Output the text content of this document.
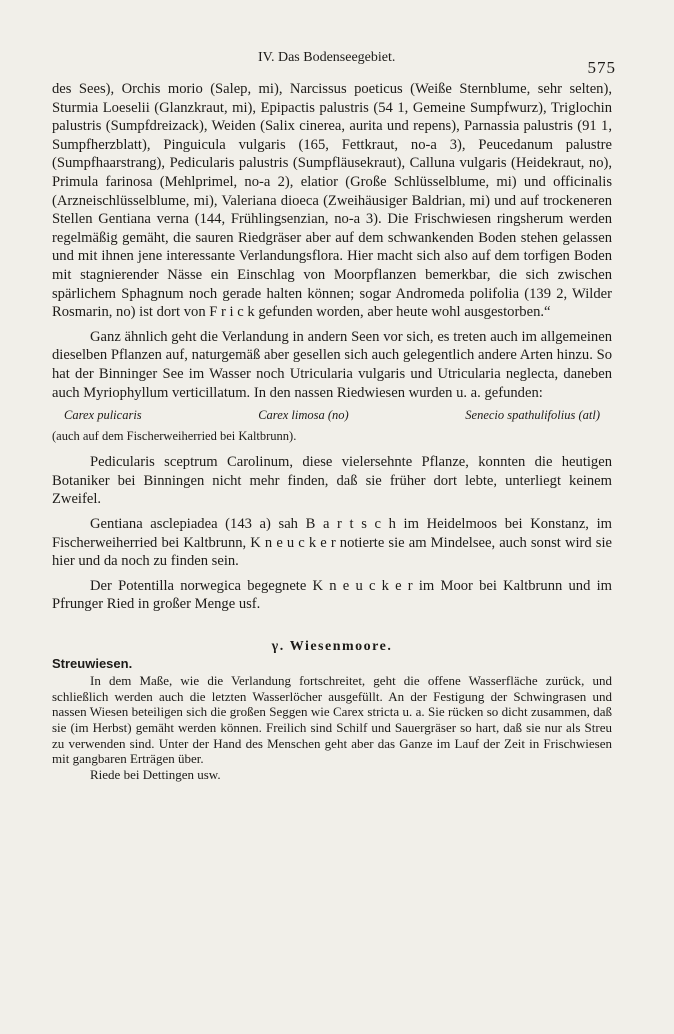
IV. Das Bodenseegebiet.
575

des Sees), Orchis morio (Salep, mi), Narcissus poeticus (Weiße Sternblume, sehr selten), Sturmia Loeselii (Glanzkraut, mi), Epipactis palustris (54 1, Gemeine Sumpfwurz), Triglochin palustris (Sumpfdreizack), Weiden (Salix cinerea, aurita und repens), Parnassia palustris (91 1, Sumpfherzblatt), Pinguicula vulgaris (165, Fettkraut, no-a 3), Peucedanum palustre (Sumpfhaarstrang), Pedicularis palustris (Sumpfläusekraut), Calluna vulgaris (Heidekraut, no), Primula farinosa (Mehlprimel, no-a 2), elatior (Große Schlüsselblume, mi) und officinalis (Arzneischlüsselblume, mi), Valeriana dioeca (Zweihäusiger Baldrian, mi) und auf trockeneren Stellen Gentiana verna (144, Frühlingsenzian, no-a 3). Die Frischwiesen ringsherum werden regelmäßig gemäht, die sauren Riedgräser aber auf dem schwankenden Boden stehen gelassen und mit ihnen jene interessante Verlandungsflora. Hier macht sich also auf dem torfigen Boden mit stagnierender Nässe ein Einschlag von Moorpflanzen bemerkbar, die sich zwischen spärlichem Sphagnum noch gerade halten können; sogar Andromeda polifolia (139 2, Wilder Rosmarin, no) ist dort von F r i c k gefunden worden, aber heute wohl ausgestorben.“

Ganz ähnlich geht die Verlandung in andern Seen vor sich, es treten auch im allgemeinen dieselben Pflanzen auf, naturgemäß aber gesellen sich auch gelegentlich andere Arten hinzu. So hat der Binninger See im Wasser noch Utricularia vulgaris und Utricularia neglecta, daneben auch Myriophyllum verticillatum. In den nassen Riedwiesen wurden u. a. gefunden:

Carex pulicaris	Carex limosa (no)	Senecio spathulifolius (atl)

(auch auf dem Fischerweiherried bei Kaltbrunn).

Pedicularis sceptrum Carolinum, diese vielersehnte Pflanze, konnten die heutigen Botaniker bei Binningen nicht mehr finden, daß sie früher dort lebte, unterliegt keinem Zweifel.

Gentiana asclepiadea (143 a) sah B a r t s c h im Heidelmoos bei Konstanz, im Fischerweiherried bei Kaltbrunn, K n e u c k e r notierte sie am Mindelsee, auch sonst wird sie hier und da noch zu finden sein.

Der Potentilla norwegica begegnete K n e u c k e r im Moor bei Kaltbrunn und im Pfrunger Ried in großer Menge usf.

γ. Wiesenmoore.
Streuwiesen.

In dem Maße, wie die Verlandung fortschreitet, geht die offene Wasserfläche zurück, und schließlich werden auch die letzten Wasserlöcher ausgefüllt. An der Festigung der Schwingrasen und nassen Wiesen beteiligen sich die großen Seggen wie Carex stricta u. a. Sie rücken so dicht zusammen, daß sie (im Herbst) gemäht werden können. Freilich sind Schilf und Sauergräser so hart, daß sie nur als Streu zu verwenden sind. Unter der Hand des Menschen geht aber das Ganze im Lauf der Zeit in Frischwiesen mit gangbaren Erträgen über.

Riede bei Dettingen usw.
